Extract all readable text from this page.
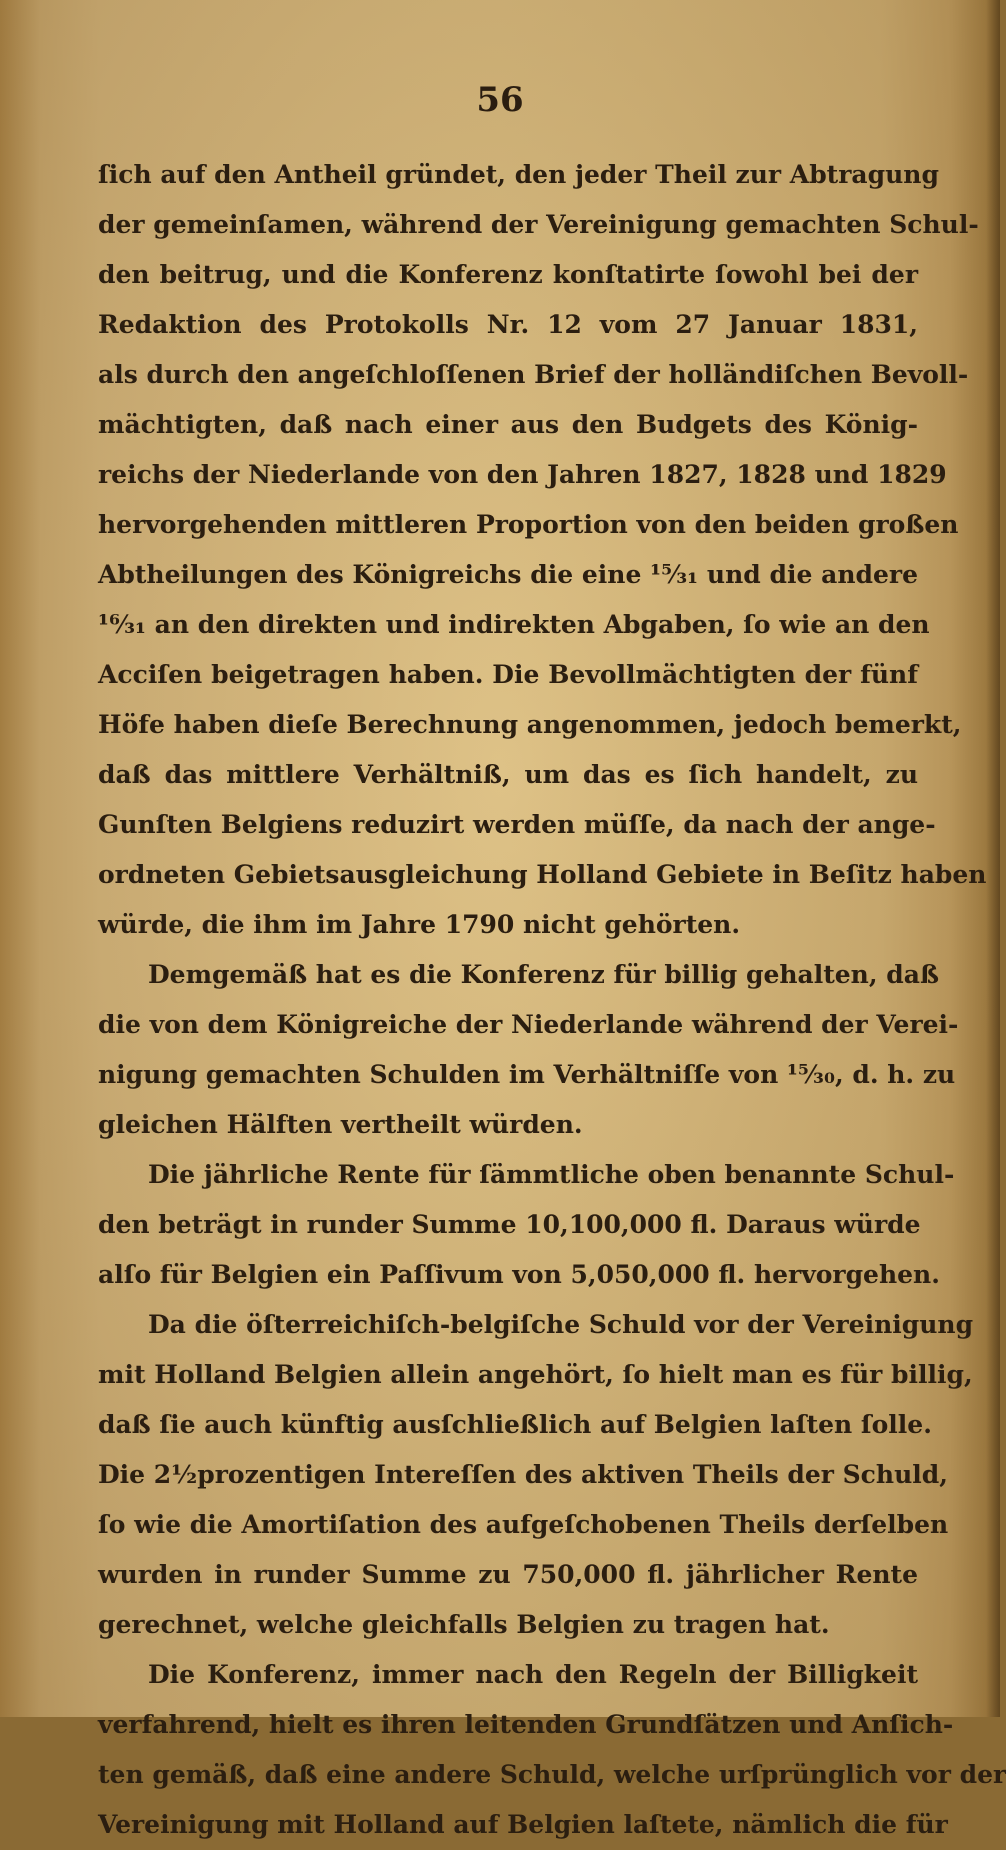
56
ſich auf den Antheil gründet, den jeder Theil zur Abtragung
der gemeinſamen, während der Vereinigung gemachten Schul-
den beitrug, und die Konferenz konſtatirte ſowohl bei der
Redaktion des Protokolls Nr. 12 vom 27 Januar 1831,
als durch den angeſchloſſenen Brief der holländiſchen Bevoll-
mächtigten, daß nach einer aus den Budgets des König-
reichs der Niederlande von den Jahren 1827, 1828 und 1829
hervorgehenden mittleren Proportion von den beiden großen
Abtheilungen des Königreichs die eine ¹⁵⁄₃₁ und die andere
¹⁶⁄₃₁ an den direkten und indirekten Abgaben, ſo wie an den
Acciſen beigetragen haben. Die Bevollmächtigten der fünf
Höfe haben dieſe Berechnung angenommen, jedoch bemerkt,
daß das mittlere Verhältniß, um das es ſich handelt, zu
Gunſten Belgiens reduzirt werden müſſe, da nach der ange-
ordneten Gebietsausgleichung Holland Gebiete in Beſitz haben
würde, die ihm im Jahre 1790 nicht gehörten.
Demgemäß hat es die Konferenz für billig gehalten, daß
die von dem Königreiche der Niederlande während der Verei-
nigung gemachten Schulden im Verhältniſſe von ¹⁵⁄₃₀, d. h. zu
gleichen Hälften vertheilt würden.
Die jährliche Rente für ſämmtliche oben benannte Schul-
den beträgt in runder Summe 10,100,000 fl. Daraus würde
alſo für Belgien ein Paſſivum von 5,050,000 fl. hervorgehen.
Da die öſterreichiſch-belgiſche Schuld vor der Vereinigung
mit Holland Belgien allein angehört, ſo hielt man es für billig,
daß ſie auch künftig ausſchließlich auf Belgien laſten ſolle.
Die 2½prozentigen Intereſſen des aktiven Theils der Schuld,
ſo wie die Amortiſation des aufgeſchobenen Theils derſelben
wurden in runder Summe zu 750,000 fl. jährlicher Rente
gerechnet, welche gleichfalls Belgien zu tragen hat.
Die Konferenz, immer nach den Regeln der Billigkeit
verfahrend, hielt es ihren leitenden Grundſätzen und Anſich-
ten gemäß, daß eine andere Schuld, welche urſprünglich vor der
Vereinigung mit Holland auf Belgien laſtete, nämlich die für
